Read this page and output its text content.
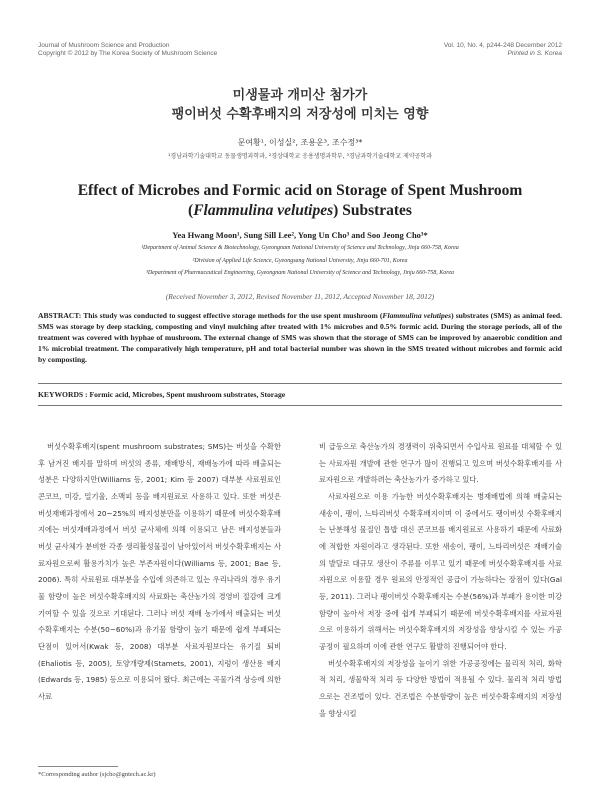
Journal of Mushroom Science and Production
Copyright © 2012 by The Korea Society of Mushroom Science
Vol. 10, No. 4, p244-248 December 2012
Printed in S. Korea
미생물과 개미산 첨가가
팽이버섯 수확후배지의 저장성에 미치는 영향
문여황¹, 이성실², 조용운³, 조수정³*
¹경남과학기술대학교 동물생명과학과, ²경상대학교 응용생명과학부, ³경남과학기술대학교 제약공학과
Effect of Microbes and Formic acid on Storage of Spent Mushroom
(Flammulina velutipes) Substrates
Yea Hwang Moon¹, Sung Sill Lee², Yong Un Cho³ and Soo Jeong Cho³*
¹Department of Animal Science & Biotechnology, Gyeongnam National University of Science and Technology, Jinju 660-758, Korea
²Division of Applied Life Science, Gyeongsang National University, Jinju 660-701, Korea
³Department of Pharmaceutical Engineering, Gyeongnam National University of Science and Technology, Jinju 660-758, Korea
(Received November 3, 2012, Revised November 11, 2012, Accepted November 18, 2012)
ABSTRACT: This study was conducted to suggest effective storage methods for the use spent mushroom (Flammulina velutipes) substrates (SMS) as animal feed. SMS was storage by deep stacking, composting and vinyl mulching after treated with 1% microbes and 0.5% formic acid. During the storage periods, all of the treatment was covered with hyphae of mushroom. The external change of SMS was shown that the storage of SMS can be improved by anaerobic condition and 1% microbial treatment. The comparatively high temperature, pH and total bacterial number was shown in the SMS treated without microbes and formic acid by composting.
KEYWORDS : Formic acid, Microbes, Spent mushroom substrates, Storage

버섯수확후배지(spent mushroom substrates; SMS)는 버섯을 수확한 후 남겨진 배지를 말하며 버섯의 종류, 재배방식, 재배농가에 따라 배출되는 성분은 다양하지만(Williams 등, 2001; Kim 등 2007) 대부분 사료원료인 콘코브, 미강, 밀기울, 소맥피 등을 배지원료로 사용하고 있다. 또한 버섯은 버섯재배과정에서 20~25%의 배지성분만을 이용하기 때문에 버섯수확후배지에는 버섯재배과정에서 버섯 균사체에 의해 이용되고 남은 배지성분들과 버섯 균사체가 분비한 각종 생리활성물질이 남아있어서 버섯수확후배지는 사료자원으로써 활용가치가 높은 부존자원이다(Williams 등, 2001; Bae 등, 2006). 특히 사료원료 대부분을 수입에 의존하고 있는 우리나라의 경우 유기물 함량이 높은 버섯수확후배지의 사료화는 축산농가의 경영비 절감에 크게 기여할 수 있을 것으로 기대된다. 그러나 버섯 재배 농가에서 배출되는 버섯수확후배지는 수분(50~60%)과 유기물 함량이 높기 때문에 쉽게 부패되는 단점이 있어서(Kwak 등, 2008) 대부분 사료자원보다는 유기질 퇴비(Ehaliotis 등, 2005), 토양개량제(Stamets, 2001), 지렁이 생산용 배지(Edwards 등, 1985) 등으로 이용되어 왔다. 최근에는 곡물가격 상승에 의한 사료

비 급등으로 축산농가의 경쟁력이 위축되면서 수입사료 원료를 대체할 수 있는 사료자원 개발에 관한 연구가 많이 진행되고 있으며 버섯수확후배지를 사료자원으로 개발하려는 축산농가가 증가하고 있다.

사료자원으로 이용 가능한 버섯수확후배지는 병재배법에 의해 배출되는 새송이, 팽이, 느타리버섯 수확후배지이며 이 중에서도 팽이버섯 수확후배지는 난분해성 물질인 톱밥 대신 콘코브를 배지원료로 사용하기 때문에 사료화에 적합한 자원이라고 생각된다. 또한 새송이, 팽이, 느타리버섯은 재배기술의 발달로 대규모 생산이 주류를 이루고 있기 때문에 버섯수확후배지를 사료자원으로 이용할 경우 원료의 안정적인 공급이 가능하다는 장점이 있다(Gal 등, 2011). 그러나 팽이버섯 수확후배지는 수분(56%)과 부패가 용이한 미강 함량이 높아서 저장 중에 쉽게 부패되기 때문에 버섯수확후배지를 사료자원으로 이용하기 위해서는 버섯수확후배지의 저장성을 향상시킬 수 있는 가공공정이 필요하며 이에 관한 연구도 활발히 진행되어야 한다.

버섯수확후배지의 저장성을 높이기 위한 가공공정에는 물리적 처리, 화학적 처리, 생물학적 처리 등 다양한 방법이 적용될 수 있다. 물리적 처리 방법으로는 건조법이 있다. 건조법은 수분함량이 높은 버섯수확후배지의 저장성을 향상시킬

*Corresponding author (sjcho@gntech.ac.kr)
